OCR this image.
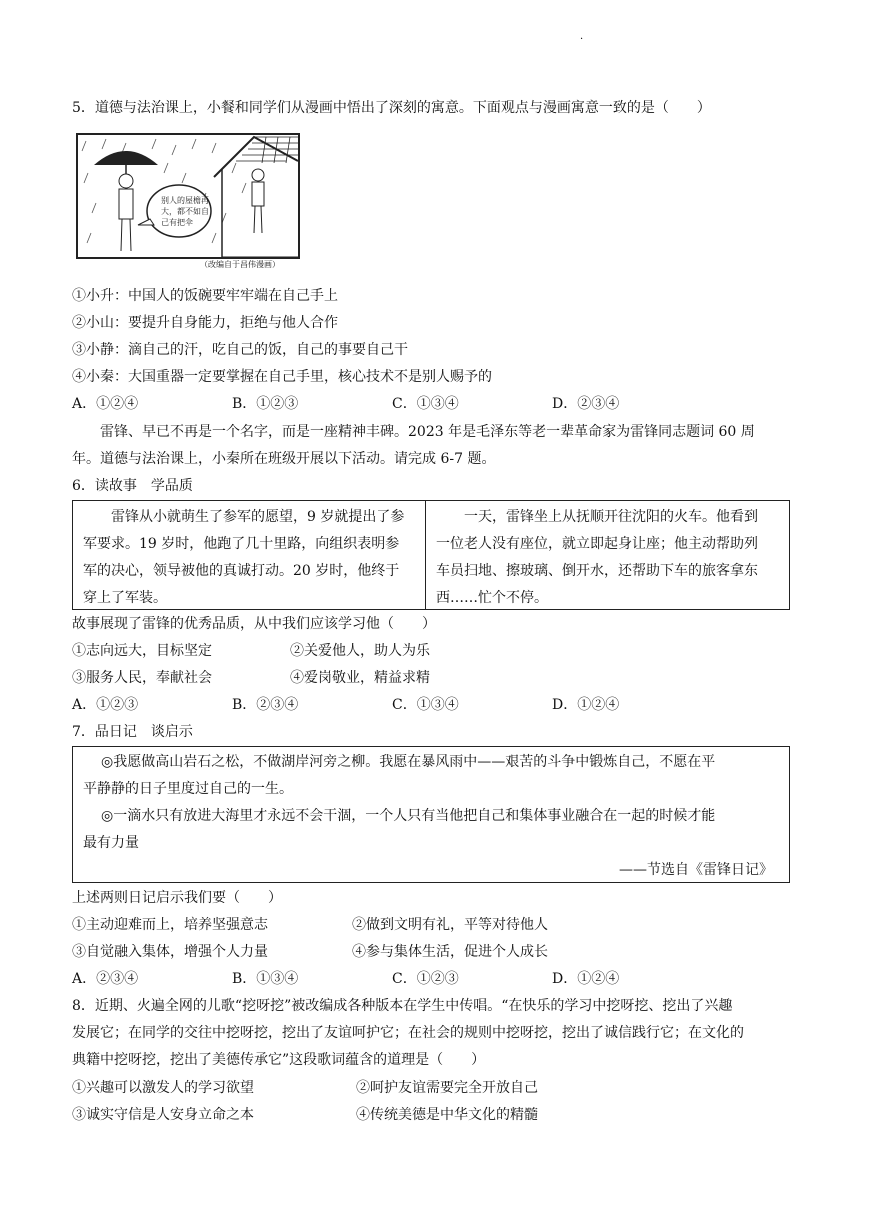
·
5．道德与法治课上，小餐和同学们从漫画中悟出了深刻的寓意。下面观点与漫画寓意一致的是（　　）
别人的屋檐再
大，都不如自
己有把伞
（改编自于昌伟漫画）
①小升：中国人的饭碗要牢牢端在自己手上
②小山：要提升自身能力，拒绝与他人合作
③小静：滴自己的汗，吃自己的饭，自己的事要自己干
④小秦：大国重器一定要掌握在自己手里，核心技术不是别人赐予的
A．①②④	B．①②③	C．①③④	D．②③④
雷锋、早已不再是一个名字，而是一座精神丰碑。2023 年是毛泽东等老一辈革命家为雷锋同志题词 60 周
年。道德与法治课上，小秦所在班级开展以下活动。请完成 6-7 题。
6．读故事　学品质

雷锋从小就萌生了参军的愿望，9 岁就提出了参

军要求。19 岁时，他跑了几十里路，向组织表明参

军的决心，领导被他的真诚打动。20 岁时，他终于

穿上了军装。

一天，雷锋坐上从抚顺开往沈阳的火车。他看到

一位老人没有座位，就立即起身让座；他主动帮助列

车员扫地、擦玻璃、倒开水，还帮助下车的旅客拿东

西……忙个不停。

故事展现了雷锋的优秀品质，从中我们应该学习他（　　）
①志向远大，目标坚定	②关爱他人，助人为乐
③服务人民，奉献社会	④爱岗敬业，精益求精
A．①②③	B．②③④	C．①③④	D．①②④
7．品日记　谈启示

◎我愿做高山岩石之松，不做湖岸河旁之柳。我愿在暴风雨中——艰苦的斗争中锻炼自己，不愿在平

平静静的日子里度过自己的一生。

◎一滴水只有放进大海里才永远不会干涸，一个人只有当他把自己和集体事业融合在一起的时候才能

最有力量

——节选自《雷锋日记》

上述两则日记启示我们要（　　）
①主动迎难而上，培养坚强意志	②做到文明有礼，平等对待他人
③自觉融入集体，增强个人力量	④参与集体生活，促进个人成长
A．②③④	B．①③④	C．①②③	D．①②④
8．近期、火遍全网的儿歌“挖呀挖”被改编成各种版本在学生中传唱。“在快乐的学习中挖呀挖、挖出了兴趣
发展它；在同学的交往中挖呀挖，挖出了友谊呵护它；在社会的规则中挖呀挖，挖出了诚信践行它；在文化的
典籍中挖呀挖，挖出了美德传承它”这段歌词蕴含的道理是（　　）
①兴趣可以激发人的学习欲望	②呵护友谊需要完全开放自己
③诚实守信是人安身立命之本	④传统美德是中华文化的精髓
